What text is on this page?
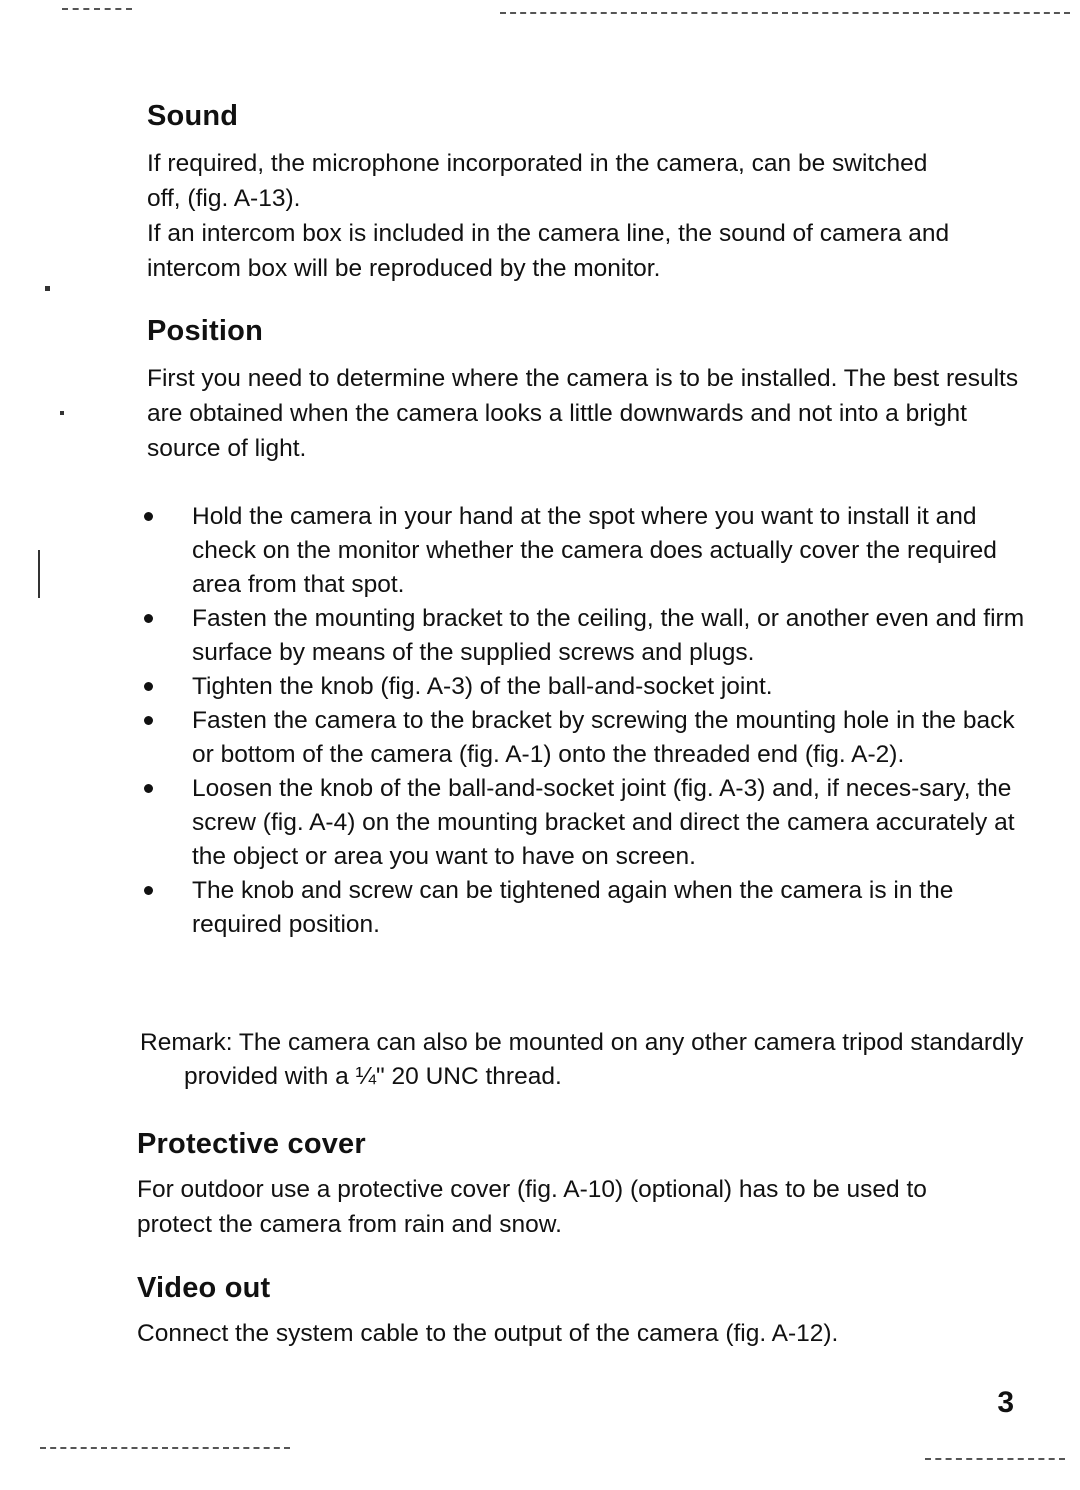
Sound

If required, the microphone incorporated in the camera, can be switched off, (fig. A-13).

If an intercom box is included in the camera line, the sound of camera and intercom box will be reproduced by the monitor.

Position

First you need to determine where the camera is to be installed. The best results are obtained when the camera looks a little downwards and not into a bright source of light.

Hold the camera in your hand at the spot where you want to install it and check on the monitor whether the camera does actually cover the required area from that spot.
Fasten the mounting bracket to the ceiling, the wall, or another even and firm surface by means of the supplied screws and plugs.
Tighten the knob (fig. A-3) of the ball-and-socket joint.
Fasten the camera to the bracket by screwing the mounting hole in the back or bottom of the camera (fig. A-1) onto the threaded end (fig. A-2).
Loosen the knob of the ball-and-socket joint (fig. A-3) and, if neces-sary, the screw (fig. A-4) on the mounting bracket and direct the camera accurately at the object or area you want to have on screen.
The knob and screw can be tightened again when the camera is in the required position.

Remark: The camera can also be mounted on any other camera tripod standardly provided with a ¼" 20 UNC thread.

Protective cover

For outdoor use a protective cover (fig. A-10) (optional) has to be used to protect the camera from rain and snow.

Video out

Connect the system cable to the output of the camera (fig. A-12).

3
